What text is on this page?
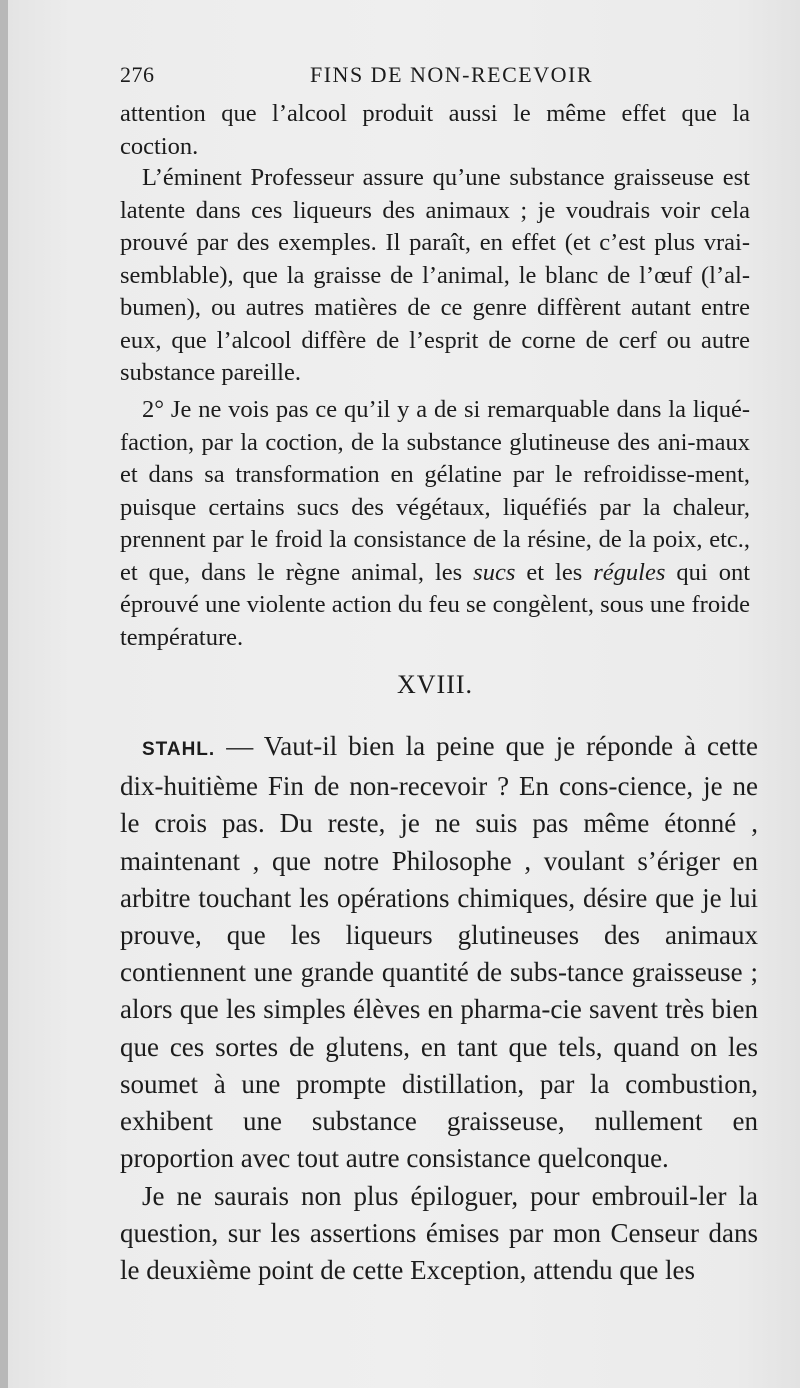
276	FINS DE NON-RECEVOIR
attention que l’alcool produit aussi le même effet que la coction.
L’éminent Professeur assure qu’une substance graisseuse est latente dans ces liqueurs des animaux ; je voudrais voir cela prouvé par des exemples. Il paraît, en effet (et c’est plus vrai-semblable), que la graisse de l’animal, le blanc de l’œuf (l’al-bumen), ou autres matières de ce genre diffèrent autant entre eux, que l’alcool diffère de l’esprit de corne de cerf ou autre substance pareille.
2° Je ne vois pas ce qu’il y a de si remarquable dans la liqué-faction, par la coction, de la substance glutineuse des ani-maux et dans sa transformation en gélatine par le refroidisse-ment, puisque certains sucs des végétaux, liquéfiés par la chaleur, prennent par le froid la consistance de la résine, de la poix, etc., et que, dans le règne animal, les sucs et les régules qui ont éprouvé une violente action du feu se congèlent, sous une froide température.
XVIII.
STAHL. — Vaut-il bien la peine que je réponde à cette dix-huitième Fin de non-recevoir ? En cons-cience, je ne le crois pas. Du reste, je ne suis pas même étonné , maintenant , que notre Philosophe , voulant s’ériger en arbitre touchant les opérations chimiques, désire que je lui prouve, que les liqueurs glutineuses des animaux contiennent une grande quantité de subs-tance graisseuse ; alors que les simples élèves en pharma-cie savent très bien que ces sortes de glutens, en tant que tels, quand on les soumet à une prompte distillation, par la combustion, exhibent une substance graisseuse, nullement en proportion avec tout autre consistance quelconque.
Je ne saurais non plus épiloguer, pour embrouil-ler la question, sur les assertions émises par mon Censeur dans le deuxième point de cette Exception, attendu que les
